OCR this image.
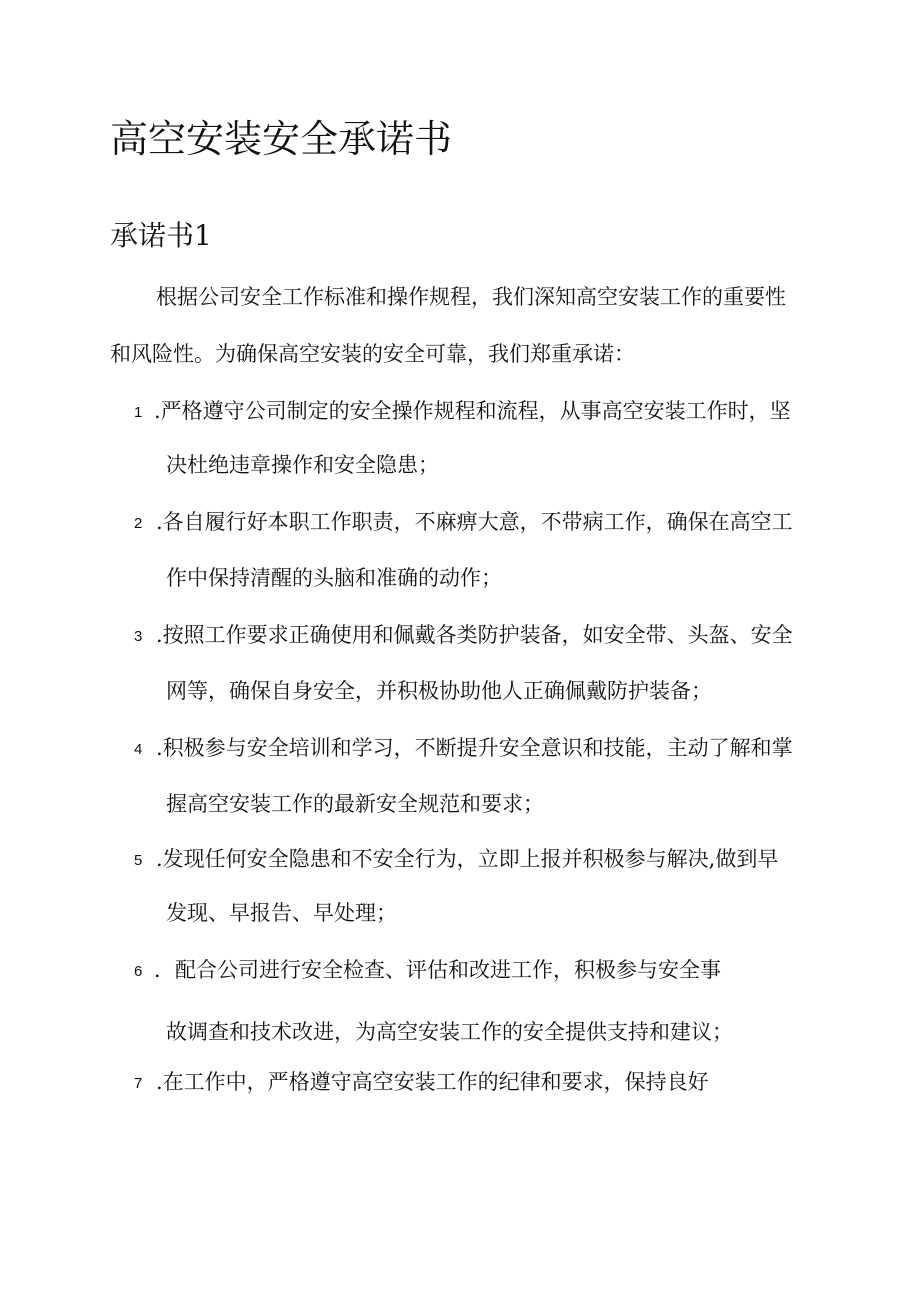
高空安装安全承诺书
承诺书1

根据公司安全工作标准和操作规程，我们深知高空安装工作的重要性

和风险性。为确保高空安装的安全可靠，我们郑重承诺：

1 .严格遵守公司制定的安全操作规程和流程，从事高空安装工作时，坚

决杜绝违章操作和安全隐患；

2 .各自履行好本职工作职责，不麻痹大意，不带病工作，确保在高空工

作中保持清醒的头脑和准确的动作；

3 .按照工作要求正确使用和佩戴各类防护装备，如安全带、头盔、安全

网等，确保自身安全，并积极协助他人正确佩戴防护装备；

4 .积极参与安全培训和学习，不断提升安全意识和技能，主动了解和掌

握高空安装工作的最新安全规范和要求；

5 .发现任何安全隐患和不安全行为，立即上报并积极参与解决,做到早

发现、早报告、早处理；

6 ．配合公司进行安全检查、评估和改进工作，积极参与安全事

故调查和技术改进，为高空安装工作的安全提供支持和建议；

7 .在工作中，严格遵守高空安装工作的纪律和要求，保持良好
